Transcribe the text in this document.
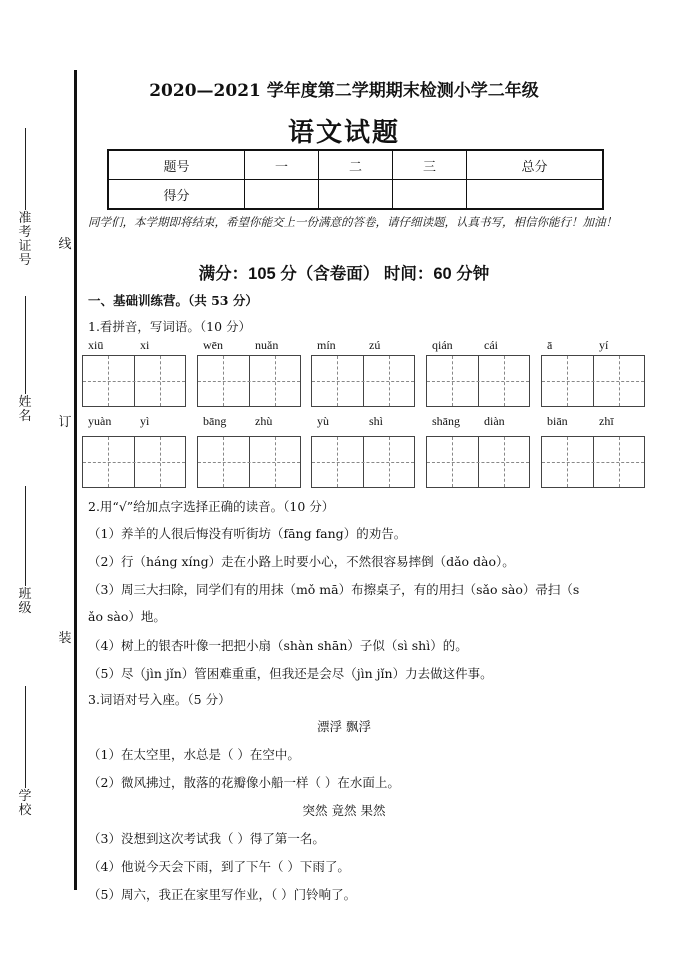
准考证号
姓名
班级
学校
线
订
装
2020—2021 学年度第二学期期末检测小学二年级
语文试题
题号	一	二	三	总分
得分				
同学们，本学期即将结束，希望你能交上一份满意的答卷，请仔细读题，认真书写，相信你能行！加油！
满分：105 分（含卷面） 时间：60 分钟
一、基础训练营。（共 53 分）
1.看拼音，写词语。（10 分）
xiū	xi	wēn	nuǎn	mín	zú	qián	cái	ā	yí
yuàn yì	bāng zhù	yù	shì	shāng diàn	biān	zhī
2.用“√”给加点字选择正确的读音。（10 分）
（1）养羊的人很后悔没有听街坊（fāng fang）的劝告。
（2）行（háng xíng）走在小路上时要小心，不然很容易摔倒（dǎo dào）。
（3）周三大扫除，同学们有的用抹（mǒ mā）布擦桌子，有的用扫（sǎo sào）帚扫（s
ǎo sào）地。
（4）树上的银杏叶像一把把小扇（shàn shān）子似（sì shì）的。
（5）尽（jìn jǐn）管困难重重，但我还是会尽（jìn jǐn）力去做这件事。
3.词语对号入座。（5 分）
漂浮 飘浮
（1）在太空里，水总是（ ）在空中。
（2）微风拂过，散落的花瓣像小船一样（ ）在水面上。
突然 竟然 果然
（3）没想到这次考试我（ ）得了第一名。
（4）他说今天会下雨，到了下午（ ）下雨了。
（5）周六，我正在家里写作业，（ ）门铃响了。
